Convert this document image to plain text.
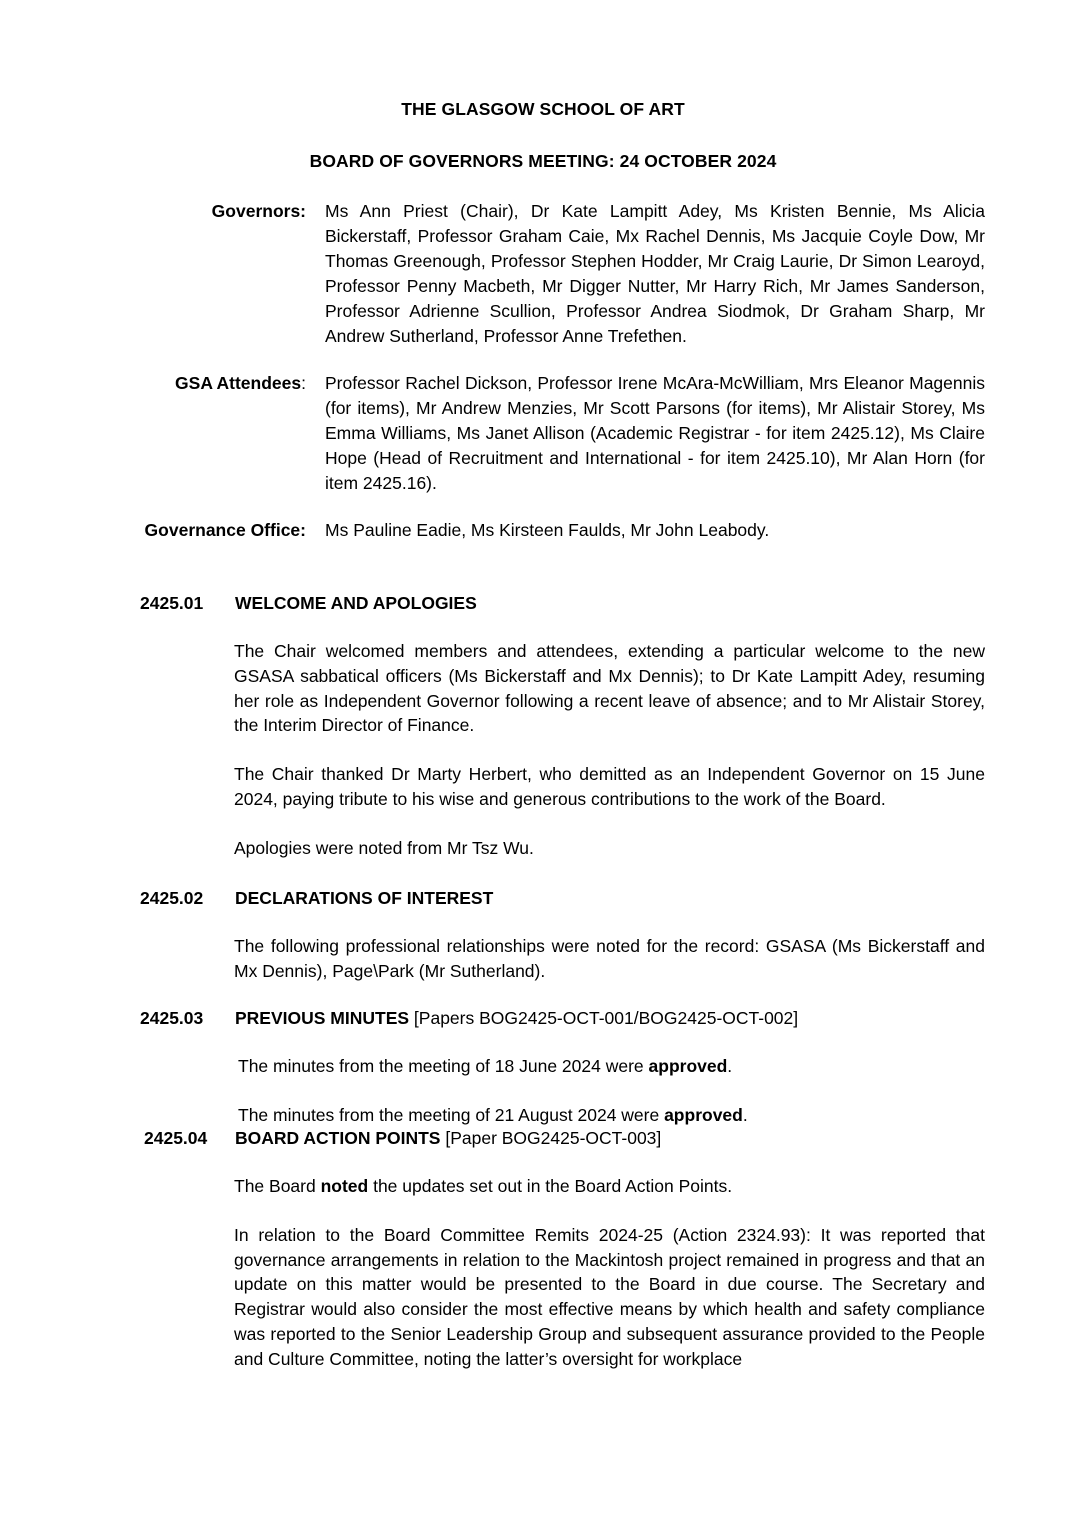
THE GLASGOW SCHOOL OF ART
BOARD OF GOVERNORS MEETING: 24 OCTOBER 2024
Governors:	Ms Ann Priest (Chair), Dr Kate Lampitt Adey, Ms Kristen Bennie, Ms Alicia Bickerstaff, Professor Graham Caie, Mx Rachel Dennis, Ms Jacquie Coyle Dow, Mr Thomas Greenough, Professor Stephen Hodder, Mr Craig Laurie, Dr Simon Learoyd, Professor Penny Macbeth, Mr Digger Nutter, Mr Harry Rich, Mr James Sanderson, Professor Adrienne Scullion, Professor Andrea Siodmok, Dr Graham Sharp, Mr Andrew Sutherland, Professor Anne Trefethen.
GSA Attendees:	Professor Rachel Dickson, Professor Irene McAra-McWilliam, Mrs Eleanor Magennis (for items), Mr Andrew Menzies, Mr Scott Parsons (for items), Mr Alistair Storey, Ms Emma Williams, Ms Janet Allison (Academic Registrar - for item 2425.12), Ms Claire Hope (Head of Recruitment and International - for item 2425.10), Mr Alan Horn (for item 2425.16).
Governance Office:	Ms Pauline Eadie, Ms Kirsteen Faulds, Mr John Leabody.
2425.01	WELCOME AND APOLOGIES

The Chair welcomed members and attendees, extending a particular welcome to the new GSASA sabbatical officers (Ms Bickerstaff and Mx Dennis); to Dr Kate Lampitt Adey, resuming her role as Independent Governor following a recent leave of absence; and to Mr Alistair Storey, the Interim Director of Finance.

The Chair thanked Dr Marty Herbert, who demitted as an Independent Governor on 15 June 2024, paying tribute to his wise and generous contributions to the work of the Board.

Apologies were noted from Mr Tsz Wu.

2425.02	DECLARATIONS OF INTEREST

The following professional relationships were noted for the record: GSASA (Ms Bickerstaff and Mx Dennis), Page\Park (Mr Sutherland).

2425.03	PREVIOUS MINUTES [Papers BOG2425-OCT-001/BOG2425-OCT-002]

The minutes from the meeting of 18 June 2024 were approved.

The minutes from the meeting of 21 August 2024 were approved.

2425.04	BOARD ACTION POINTS [Paper BOG2425-OCT-003]

The Board noted the updates set out in the Board Action Points.

In relation to the Board Committee Remits 2024-25 (Action 2324.93): It was reported that governance arrangements in relation to the Mackintosh project remained in progress and that an update on this matter would be presented to the Board in due course. The Secretary and Registrar would also consider the most effective means by which health and safety compliance was reported to the Senior Leadership Group and subsequent assurance provided to the People and Culture Committee, noting the latter’s oversight for workplace
